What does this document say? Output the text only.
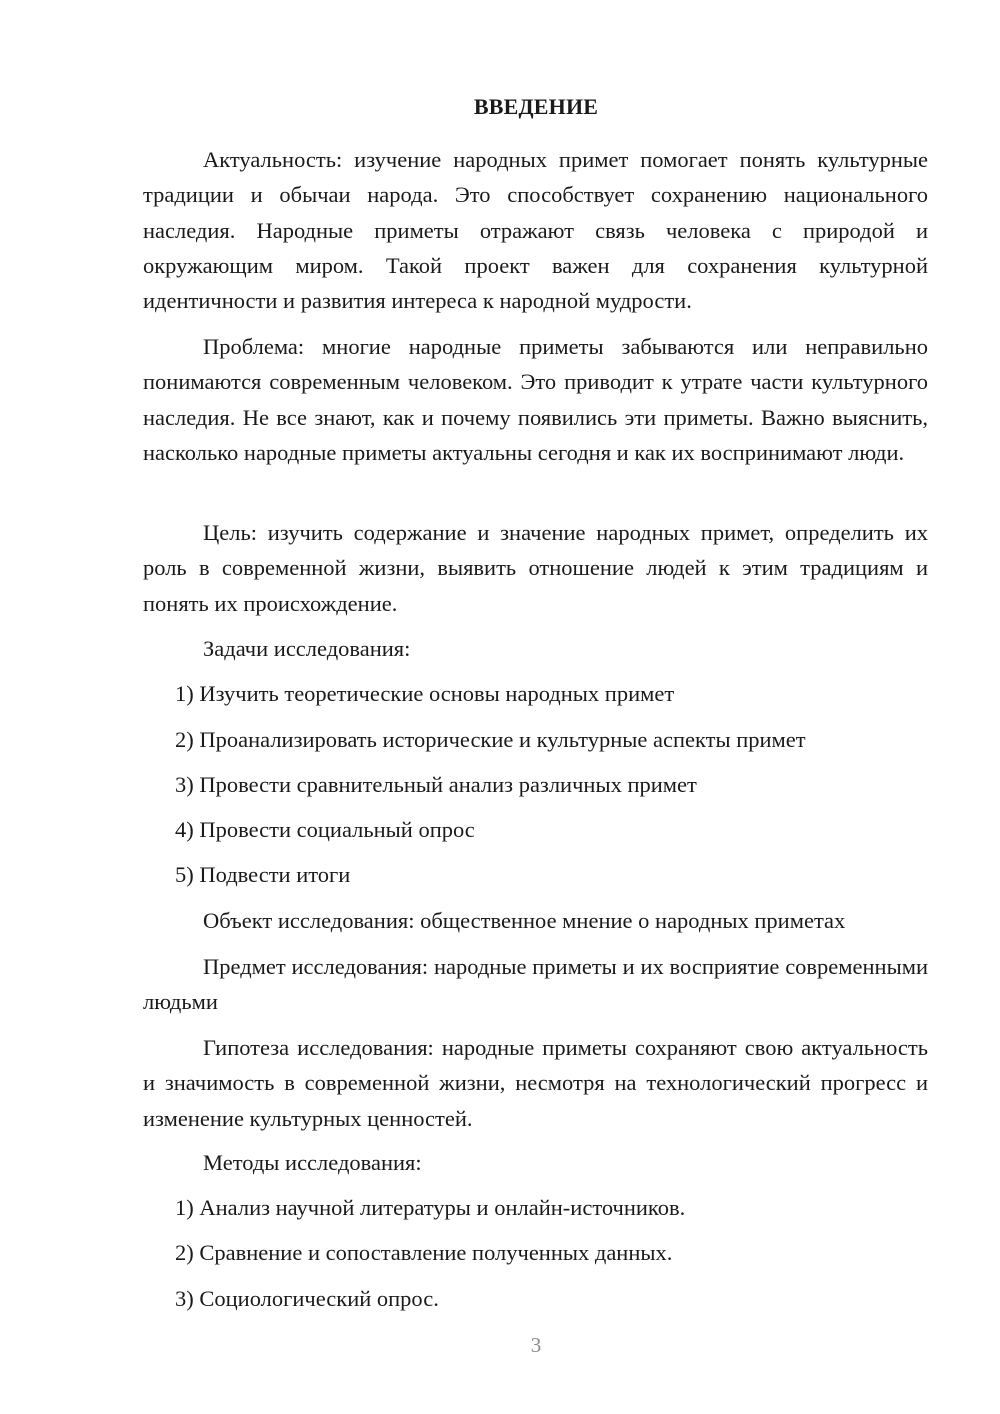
ВВЕДЕНИЕ
Актуальность: изучение народных примет помогает понять культурные традиции и обычаи народа. Это способствует сохранению национального наследия. Народные приметы отражают связь человека с природой и окружающим миром. Такой проект важен для сохранения культурной идентичности и развития интереса к народной мудрости.
Проблема: многие народные приметы забываются или неправильно понимаются современным человеком. Это приводит к утрате части культурного наследия. Не все знают, как и почему появились эти приметы. Важно выяснить, насколько народные приметы актуальны сегодня и как их воспринимают люди.
Цель: изучить содержание и значение народных примет, определить их роль в современной жизни, выявить отношение людей к этим традициям и понять их происхождение.
Задачи исследования:
1) Изучить теоретические основы народных примет
2) Проанализировать исторические и культурные аспекты примет
3) Провести сравнительный анализ различных примет
4) Провести социальный опрос
5) Подвести итоги
Объект исследования: общественное мнение о народных приметах
Предмет исследования: народные приметы и их восприятие современными людьми
Гипотеза исследования: народные приметы сохраняют свою актуальность и значимость в современной жизни, несмотря на технологический прогресс и изменение культурных ценностей.
Методы исследования:
1) Анализ научной литературы и онлайн-источников.
2) Сравнение и сопоставление полученных данных.
3) Социологический опрос.
3
